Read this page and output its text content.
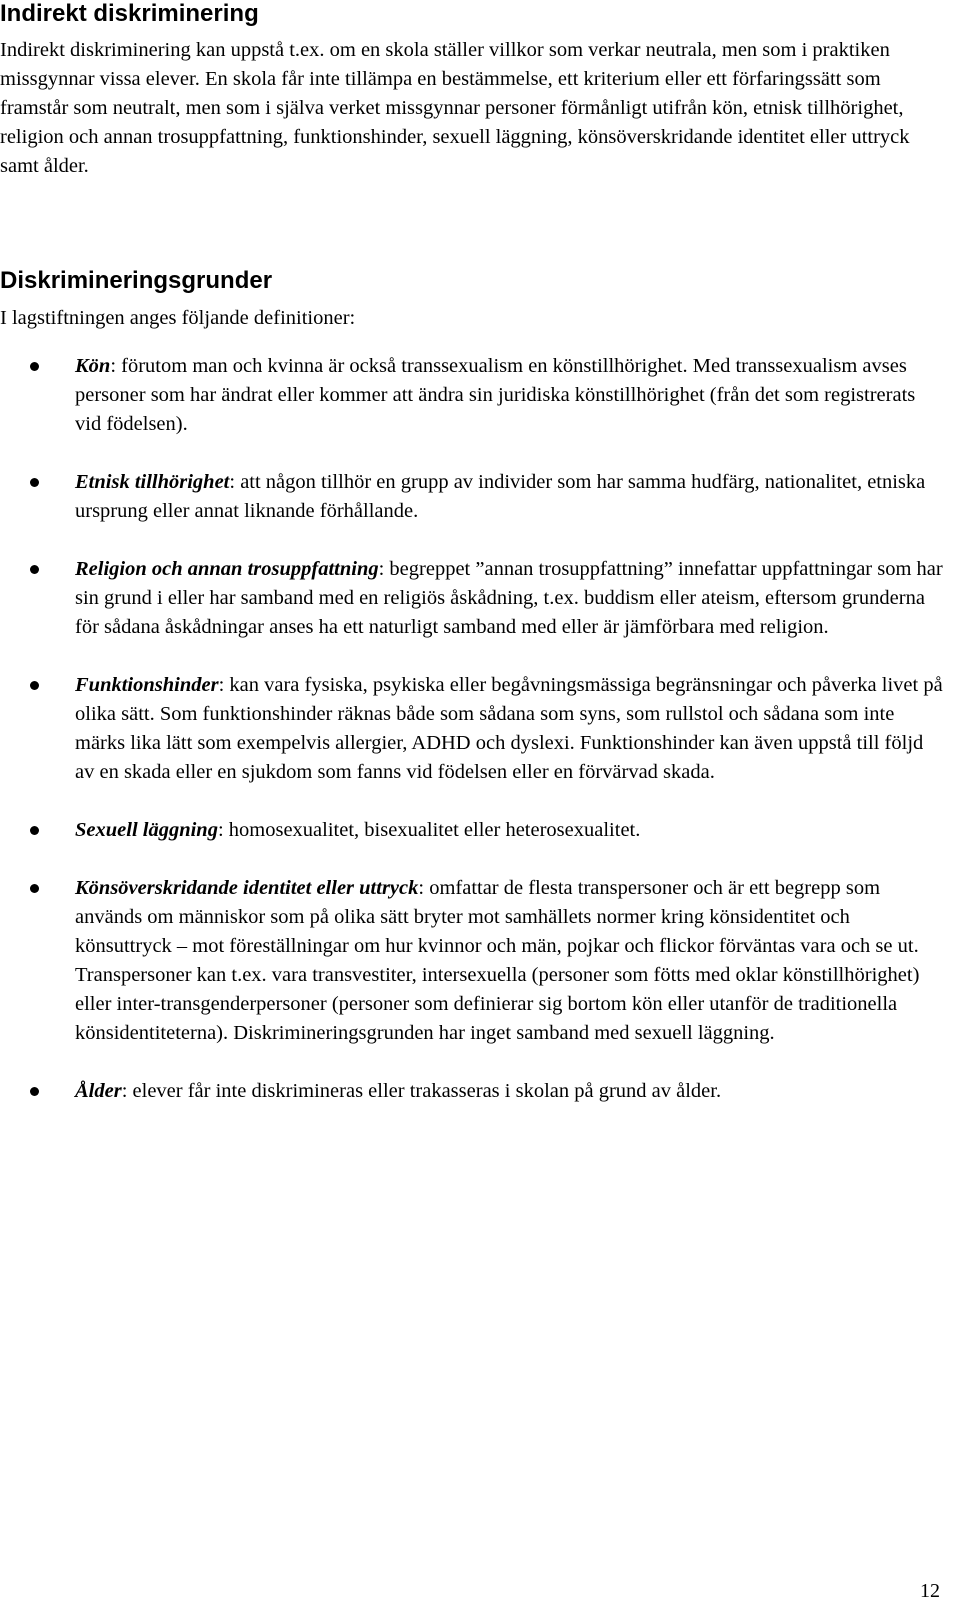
Indirekt diskriminering

Indirekt diskriminering kan uppstå t.ex. om en skola ställer villkor som verkar neutrala, men som i praktiken missgynnar vissa elever. En skola får inte tillämpa en bestämmelse, ett kriterium eller ett förfaringssätt som framstår som neutralt, men som i själva verket missgynnar personer förmånligt utifrån kön, etnisk tillhörighet, religion och annan trosuppfattning, funktionshinder, sexuell läggning, könsöverskridande identitet eller uttryck samt ålder.

Diskrimineringsgrunder

I lagstiftningen anges följande definitioner:

Kön: förutom man och kvinna är också transsexualism en könstillhörighet. Med transsexualism avses personer som har ändrat eller kommer att ändra sin juridiska könstillhörighet (från det som registrerats vid födelsen).
Etnisk tillhörighet: att någon tillhör en grupp av individer som har samma hudfärg, nationalitet, etniska ursprung eller annat liknande förhållande.
Religion och annan trosuppfattning: begreppet ”annan trosuppfattning” innefattar uppfattningar som har sin grund i eller har samband med en religiös åskådning, t.ex. buddism eller ateism, eftersom grunderna för sådana åskådningar anses ha ett naturligt samband med eller är jämförbara med religion.
Funktionshinder: kan vara fysiska, psykiska eller begåvningsmässiga begränsningar och påverka livet på olika sätt. Som funktionshinder räknas både som sådana som syns, som rullstol och sådana som inte märks lika lätt som exempelvis allergier, ADHD och dyslexi. Funktionshinder kan även uppstå till följd av en skada eller en sjukdom som fanns vid födelsen eller en förvärvad skada.
Sexuell läggning: homosexualitet, bisexualitet eller heterosexualitet.
Könsöverskridande identitet eller uttryck: omfattar de flesta transpersoner och är ett begrepp som används om människor som på olika sätt bryter mot samhällets normer kring könsidentitet och könsuttryck – mot föreställningar om hur kvinnor och män, pojkar och flickor förväntas vara och se ut. Transpersoner kan t.ex. vara transvestiter, intersexuella (personer som fötts med oklar könstillhörighet) eller inter-transgenderpersoner (personer som definierar sig bortom kön eller utanför de traditionella könsidentiteterna). Diskrimineringsgrunden har inget samband med sexuell läggning.
Ålder: elever får inte diskrimineras eller trakasseras i skolan på grund av ålder.
12
